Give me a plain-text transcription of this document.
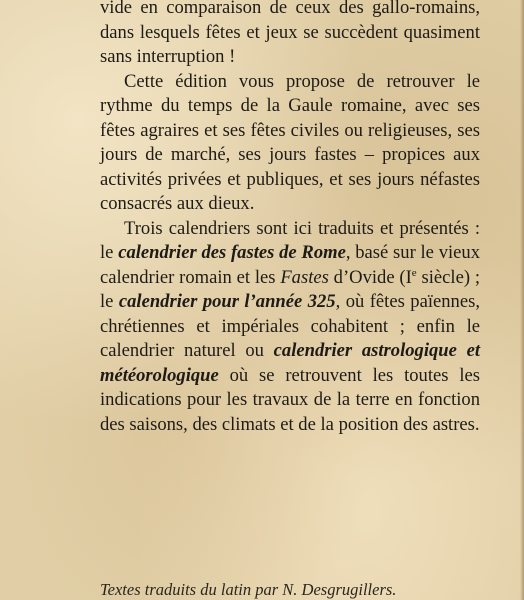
vide en comparaison de ceux des gallo-romains, dans lesquels fêtes et jeux se succèdent quasiment sans interruption !

Cette édition vous propose de retrouver le rythme du temps de la Gaule romaine, avec ses fêtes agraires et ses fêtes civiles ou religieuses, ses jours de marché, ses jours fastes – propices aux activités privées et publiques, et ses jours néfastes consacrés aux dieux.

Trois calendriers sont ici traduits et présentés : le calendrier des fastes de Rome, basé sur le vieux calendrier romain et les Fastes d’Ovide (Ie siècle) ; le calendrier pour l’année 325, où fêtes païennes, chrétiennes et impériales cohabitent ; enfin le calendrier naturel ou calendrier astrologique et météorologique où se retrouvent les toutes les indications pour les travaux de la terre en fonction des saisons, des climats et de la position des astres.

Textes traduits du latin par N. Desgrugillers.
